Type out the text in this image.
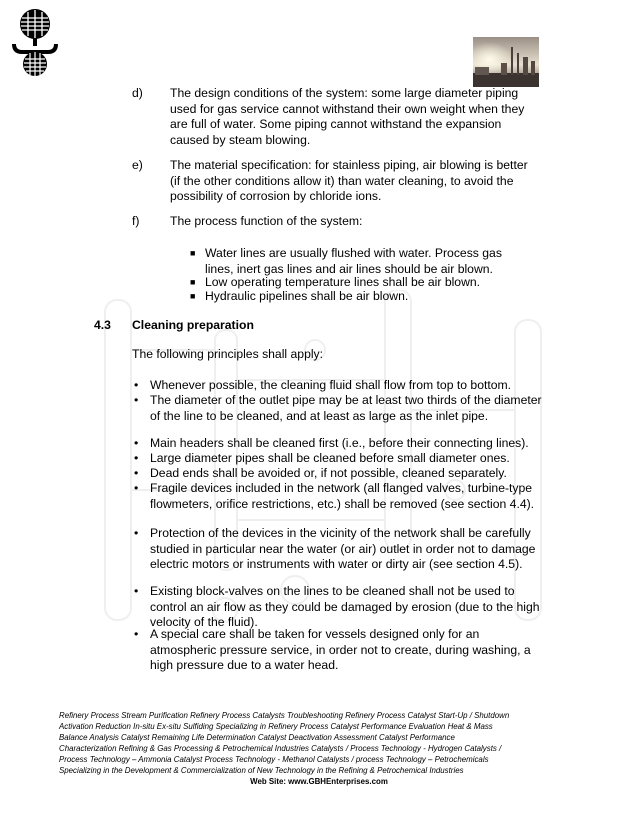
d) The design conditions of the system: some large diameter piping used for gas service cannot withstand their own weight when they are full of water. Some piping cannot withstand the expansion caused by steam blowing.
e) The material specification: for stainless piping, air blowing is better (if the other conditions allow it) than water cleaning, to avoid the possibility of corrosion by chloride ions.
f)	The process function of the system:
■ Water lines are usually flushed with water. Process gas lines, inert gas lines and air lines should be air blown.
■ Low operating temperature lines shall be air blown.
■ Hydraulic pipelines shall be air blown.
4.3 Cleaning preparation
The following principles shall apply:
• Whenever possible, the cleaning fluid shall flow from top to bottom.
• The diameter of the outlet pipe may be at least two thirds of the diameter of the line to be cleaned, and at least as large as the inlet pipe.
• Main headers shall be cleaned first (i.e., before their connecting lines).
• Large diameter pipes shall be cleaned before small diameter ones.
• Dead ends shall be avoided or, if not possible, cleaned separately.
• Fragile devices included in the network (all flanged valves, turbine-type flowmeters, orifice restrictions, etc.) shall be removed (see section 4.4).
• Protection of the devices in the vicinity of the network shall be carefully studied in particular near the water (or air) outlet in order not to damage electric motors or instruments with water or dirty air (see section 4.5).
• Existing block-valves on the lines to be cleaned shall not be used to control an air flow as they could be damaged by erosion (due to the high velocity of the fluid).
• A special care shall be taken for vessels designed only for an atmospheric pressure service, in order not to create, during washing, a high pressure due to a water head.
Refinery Process Stream Purification Refinery Process Catalysts Troubleshooting Refinery Process Catalyst Start-Up / Shutdown
Activation Reduction In-situ Ex-situ Sulfiding Specializing in Refinery Process Catalyst Performance Evaluation Heat & Mass
Balance Analysis Catalyst Remaining Life Determination Catalyst Deactivation Assessment Catalyst Performance
Characterization Refining & Gas Processing & Petrochemical Industries Catalysts / Process Technology - Hydrogen Catalysts /
Process Technology – Ammonia Catalyst Process Technology - Methanol Catalysts / process Technology – Petrochemicals
Specializing in the Development & Commercialization of New Technology in the Refining & Petrochemical Industries
Web Site: www.GBHEnterprises.com
